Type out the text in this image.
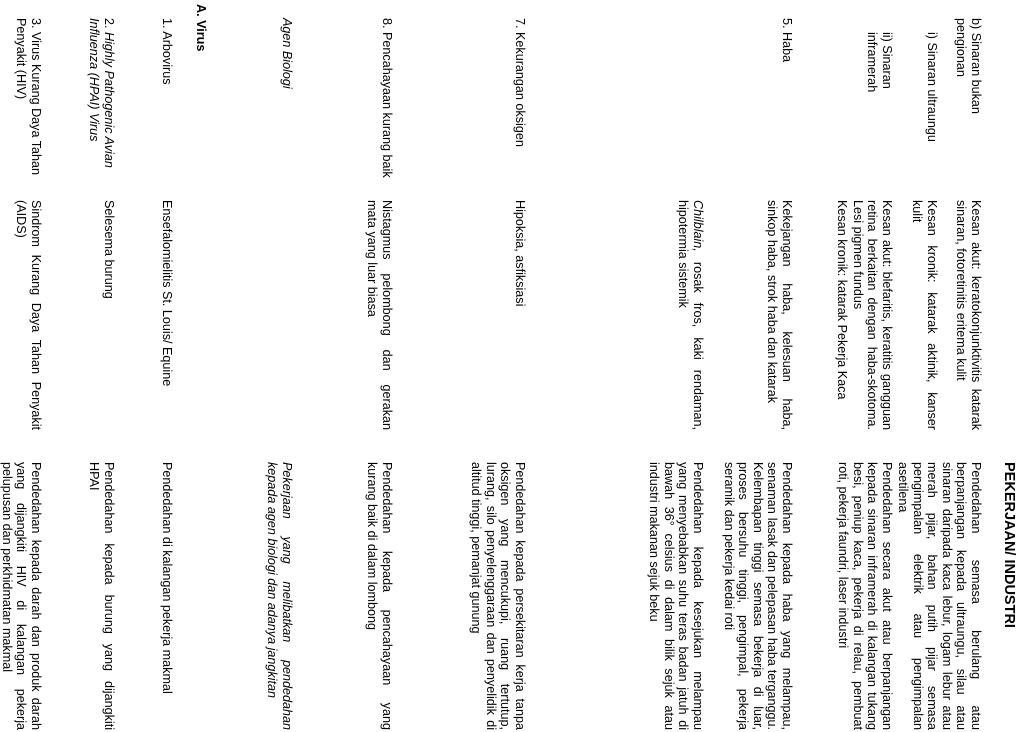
PEKERJAAN/ INDUSTRI
b) Sinaran bukan pengionan
i) Sinaran ultraungu
Kesan akut: keratokonjunktivitis katarak sinaran, fotoretinitis eritema kulit
Kesan kronik: katarak aktinik, kanser kulit
Pendedahan semasa berulang atau berpanjangan kepada ultraungu, silau atau sinaran daripada kaca lebur, logam lebur atau merah pijar, bahan putih pijar semasa pengimpalan elektrik atau pengimpalan asetilena
ii) Sinaran inframerah
Kesan akut: blefaritis, keratitis gangguan retina berkaitan dengan haba-skotoma. Lesi pigmen fundus
Kesan kronik: katarak Pekerja Kaca
Pendedahan secara akut atau berpanjangan kepada sinaran inframerah di kalangan tukang besi, peniup kaca, pekerja di relau, pembuat roti, pekerja faundri, laser industri
5. Haba
Kekejangan haba, kelesuan haba, sinkop haba, strok haba dan katarak
Pendedahan kepada haba yang melampau, senaman lasak dan pelepasan haba terganggu. Kelembapan tinggi semasa bekerja di luar, proses bersuhu tinggi, pengimpal, pekerja seramik dan pekerja kedai roti
Chilblain, rosak fros, kaki rendaman, hipotermia sistemik
Pendedahan kepada kesejukan melampau yang menyebabkan suhu teras badan jatuh di bawah 36° celsius di dalam bilik sejuk atau industri makanan sejuk beku
7. Kekurangan oksigen
Hipoksia, asfiksiasi
Pendedahan kepada persekitaran kerja tanpa oksigen yang mencukupi, ruang tertutup, lurang, silo penyelenggaraan dan penyelidik di altitud tinggi, pemanjat gunung
8. Pencahayaan kurang baik
Nistagmus pelombong dan gerakan mata yang luar biasa
Pendedahan kepada pencahayaan yang kurang baik di dalam lombong
Agen Biologi
Pekerjaan yang melibatkan pendedahan kepada agen biologi dan adanya jangkitan
A. Virus
1. Arbovirus
Ensefalomielitis St. Louis/ Equine
Pendedahan di kalangan pekerja makmal
2. Highly Pathogenic Avian Influenza (HPAI) Virus
Selesema burung
Pendedahan kepada burung yang dijangkiti HPAI
3. Virus Kurang Daya Tahan Penyakit (HIV)
Sindrom Kurang Daya Tahan Penyakit (AIDS)
Pendedahan kepada darah dan produk darah yang dijangkiti HIV di kalangan pekerja pelupusan dan perkhidmatan makmal
